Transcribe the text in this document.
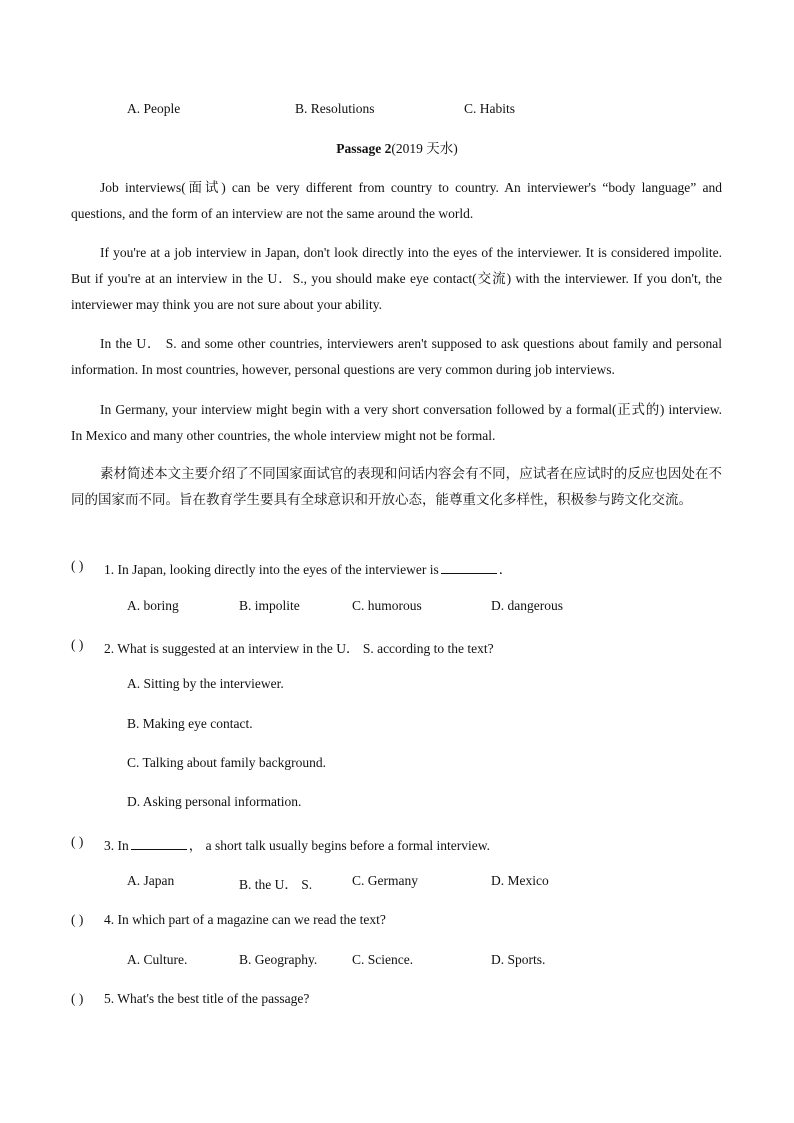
A. People	B. Resolutions	C. Habits
Passage 2(2019 天水)
Job interviews(面试) can be very different from country to country. An interviewer's “body language” and questions, and the form of an interview are not the same around the world.
If you're at a job interview in Japan, don't look directly into the eyes of the interviewer. It is considered impolite. But if you're at an interview in the U．S., you should make eye contact(交流) with the interviewer. If you don't, the interviewer may think you are not sure about your ability.
In the U． S. and some other countries, interviewers aren't supposed to ask questions about family and personal information. In most countries, however, personal questions are very common during job interviews.
In Germany, your interview might begin with a very short conversation followed by a formal(正式的) interview. In Mexico and many other countries, the whole interview might not be formal.
素材简述本文主要介绍了不同国家面试官的表现和问话内容会有不同，应试者在应试时的反应也因处在不同的国家而不同。旨在教育学生要具有全球意识和开放心态，能尊重文化多样性，积极参与跨文化交流。
( ) 1. In Japan, looking directly into the eyes of the interviewer is	．
A. boring	B. impolite	C. humorous	D. dangerous
( ) 2. What is suggested at an interview in the U． S. according to the text?
A. Sitting by the interviewer.
B. Making eye contact.
C. Talking about family background.
D. Asking personal information.
( ) 3. In	， a short talk usually begins before a formal interview.
A. Japan	B. the U． S.	C. Germany	D. Mexico
( ) 4. In which part of a magazine can we read the text?
A. Culture.	B. Geography.	C. Science.	D. Sports.
( ) 5. What's the best title of the passage?
